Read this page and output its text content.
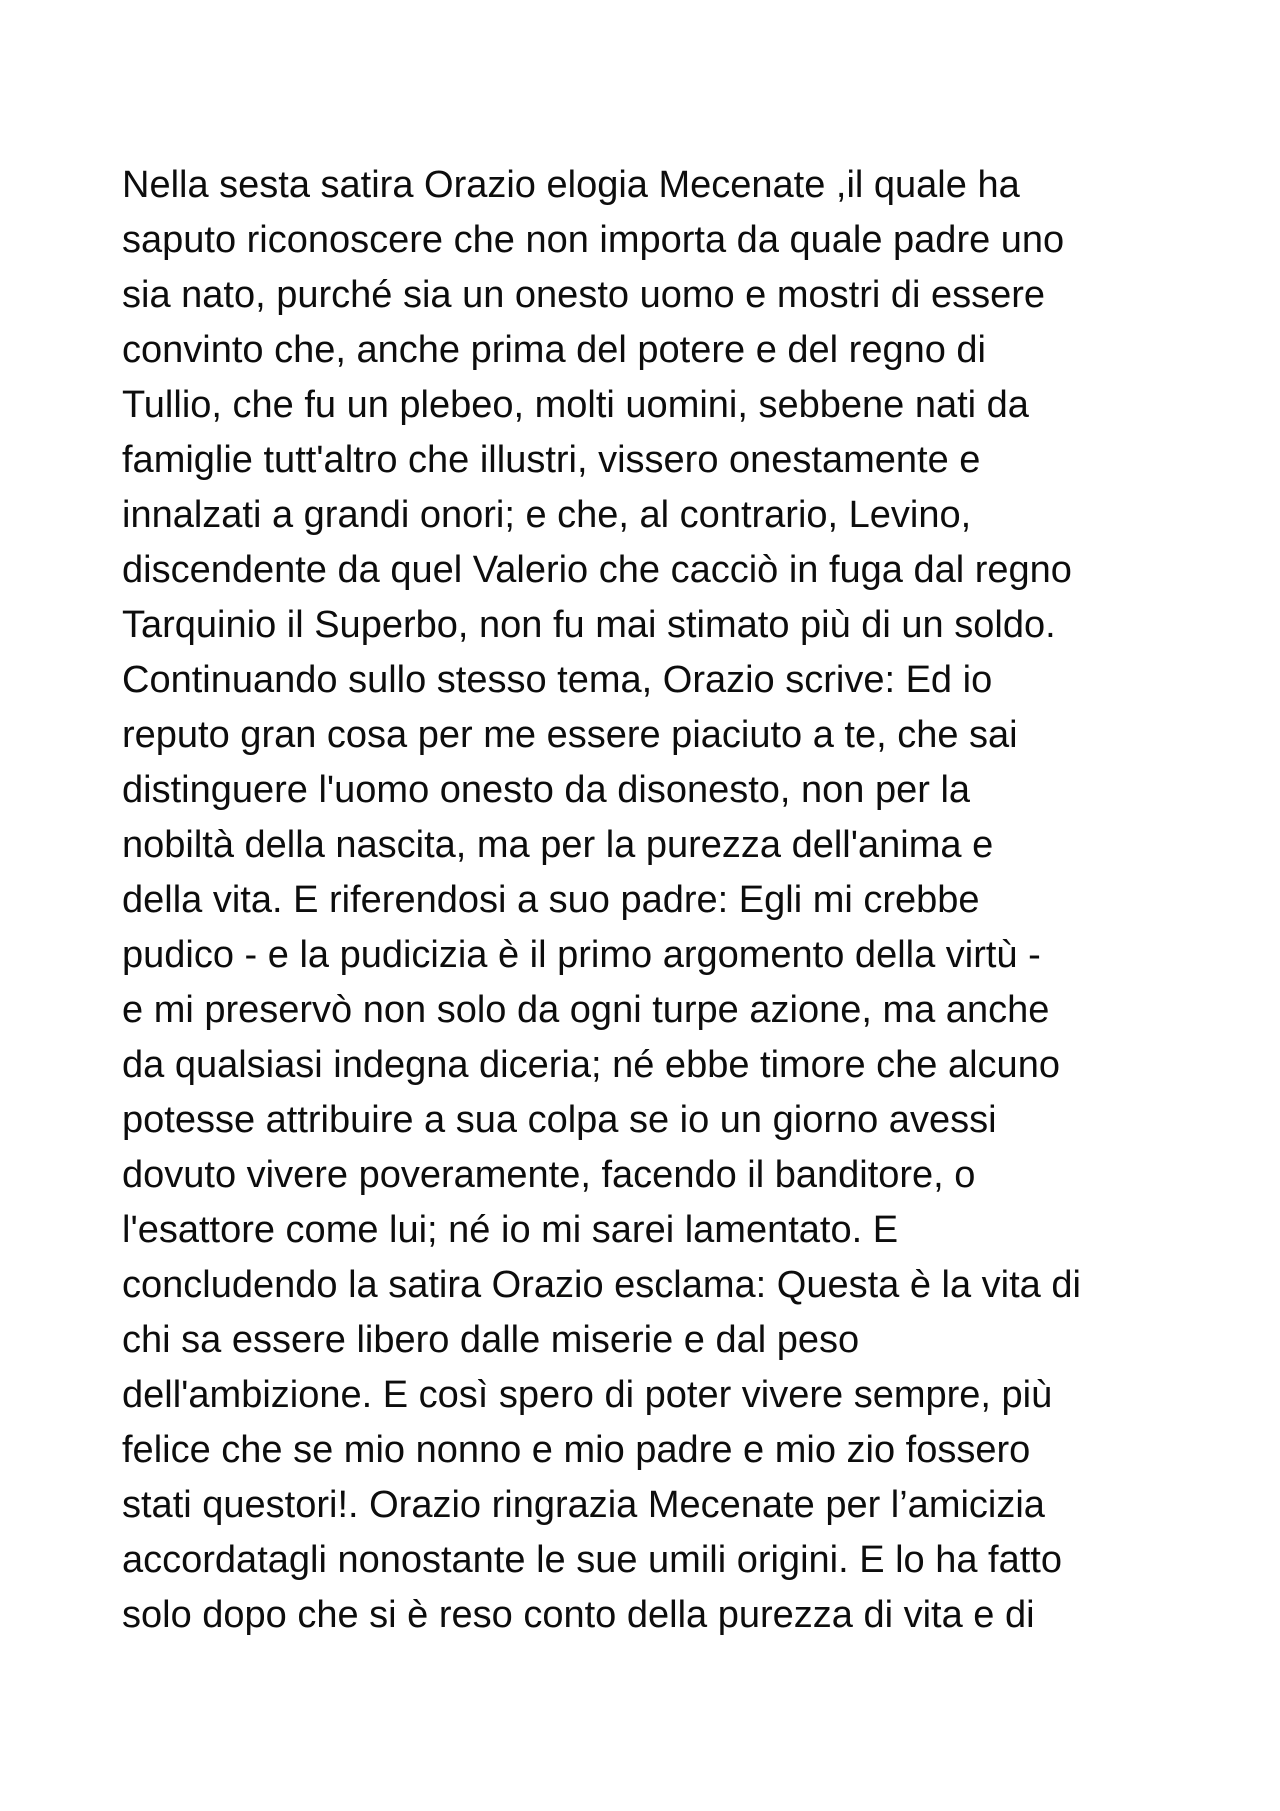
Nella sesta satira Orazio elogia Mecenate ,il quale ha
saputo riconoscere che non importa da quale padre uno
sia nato, purché sia un onesto uomo e mostri di essere
convinto che, anche prima del potere e del regno di
Tullio, che fu un plebeo, molti uomini, sebbene nati da
famiglie tutt'altro che illustri, vissero onestamente e
innalzati a grandi onori; e che, al contrario, Levino,
discendente da quel Valerio che cacciò in fuga dal regno
Tarquinio il Superbo, non fu mai stimato più di un soldo.
Continuando sullo stesso tema, Orazio scrive: Ed io
reputo gran cosa per me essere piaciuto a te, che sai
distinguere l'uomo onesto da disonesto, non per la
nobiltà della nascita, ma per la purezza dell'anima e
della vita. E riferendosi a suo padre: Egli mi crebbe
pudico - e la pudicizia è il primo argomento della virtù -
e mi preservò non solo da ogni turpe azione, ma anche
da qualsiasi indegna diceria; né ebbe timore che alcuno
potesse attribuire a sua colpa se io un giorno avessi
dovuto vivere poveramente, facendo il banditore, o
l'esattore come lui; né io mi sarei lamentato. E
concludendo la satira Orazio esclama: Questa è la vita di
chi sa essere libero dalle miserie e dal peso
dell'ambizione. E così spero di poter vivere sempre, più
felice che se mio nonno e mio padre e mio zio fossero
stati questori!. Orazio ringrazia Mecenate per l’amicizia
accordatagli nonostante le sue umili origini. E lo ha fatto
solo dopo che si è reso conto della purezza di vita e di
